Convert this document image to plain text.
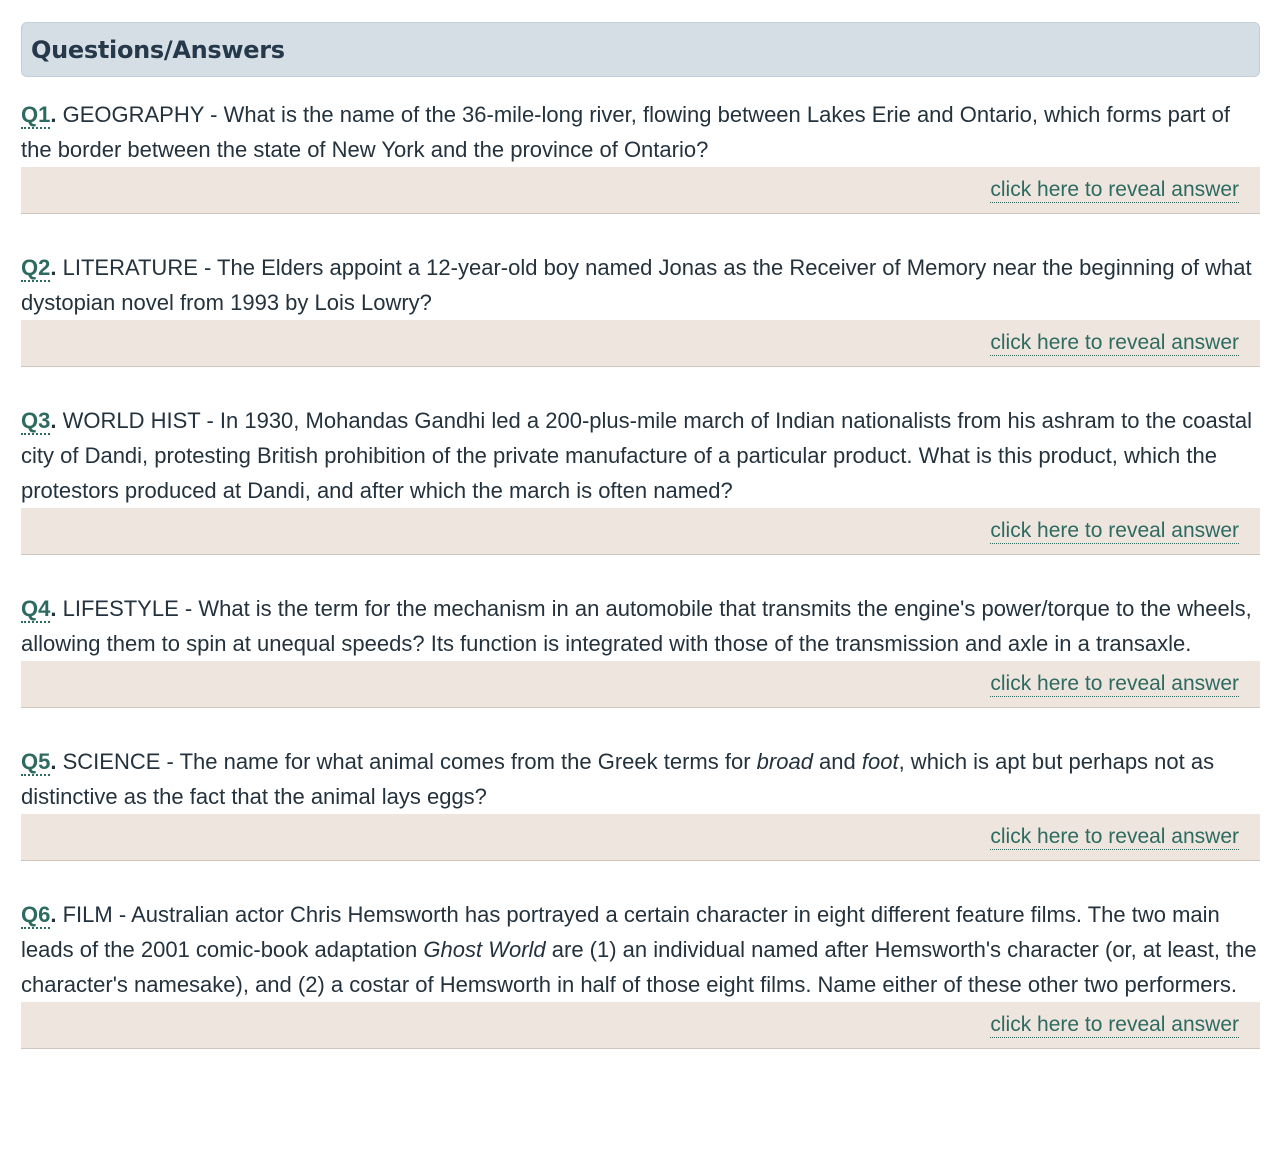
Questions/Answers

Q1. GEOGRAPHY - What is the name of the 36-mile-long river, flowing between Lakes Erie and Ontario, which forms part of the border between the state of New York and the province of Ontario?

click here to reveal answer

Q2. LITERATURE - The Elders appoint a 12-year-old boy named Jonas as the Receiver of Memory near the beginning of what dystopian novel from 1993 by Lois Lowry?

click here to reveal answer

Q3. WORLD HIST - In 1930, Mohandas Gandhi led a 200-plus-mile march of Indian nationalists from his ashram to the coastal city of Dandi, protesting British prohibition of the private manufacture of a particular product. What is this product, which the protestors produced at Dandi, and after which the march is often named?

click here to reveal answer

Q4. LIFESTYLE - What is the term for the mechanism in an automobile that transmits the engine's power/torque to the wheels, allowing them to spin at unequal speeds? Its function is integrated with those of the transmission and axle in a transaxle.

click here to reveal answer

Q5. SCIENCE - The name for what animal comes from the Greek terms for broad and foot, which is apt but perhaps not as distinctive as the fact that the animal lays eggs?

click here to reveal answer

Q6. FILM - Australian actor Chris Hemsworth has portrayed a certain character in eight different feature films. The two main leads of the 2001 comic-book adaptation Ghost World are (1) an individual named after Hemsworth's character (or, at least, the character's namesake), and (2) a costar of Hemsworth in half of those eight films. Name either of these other two performers.

click here to reveal answer
